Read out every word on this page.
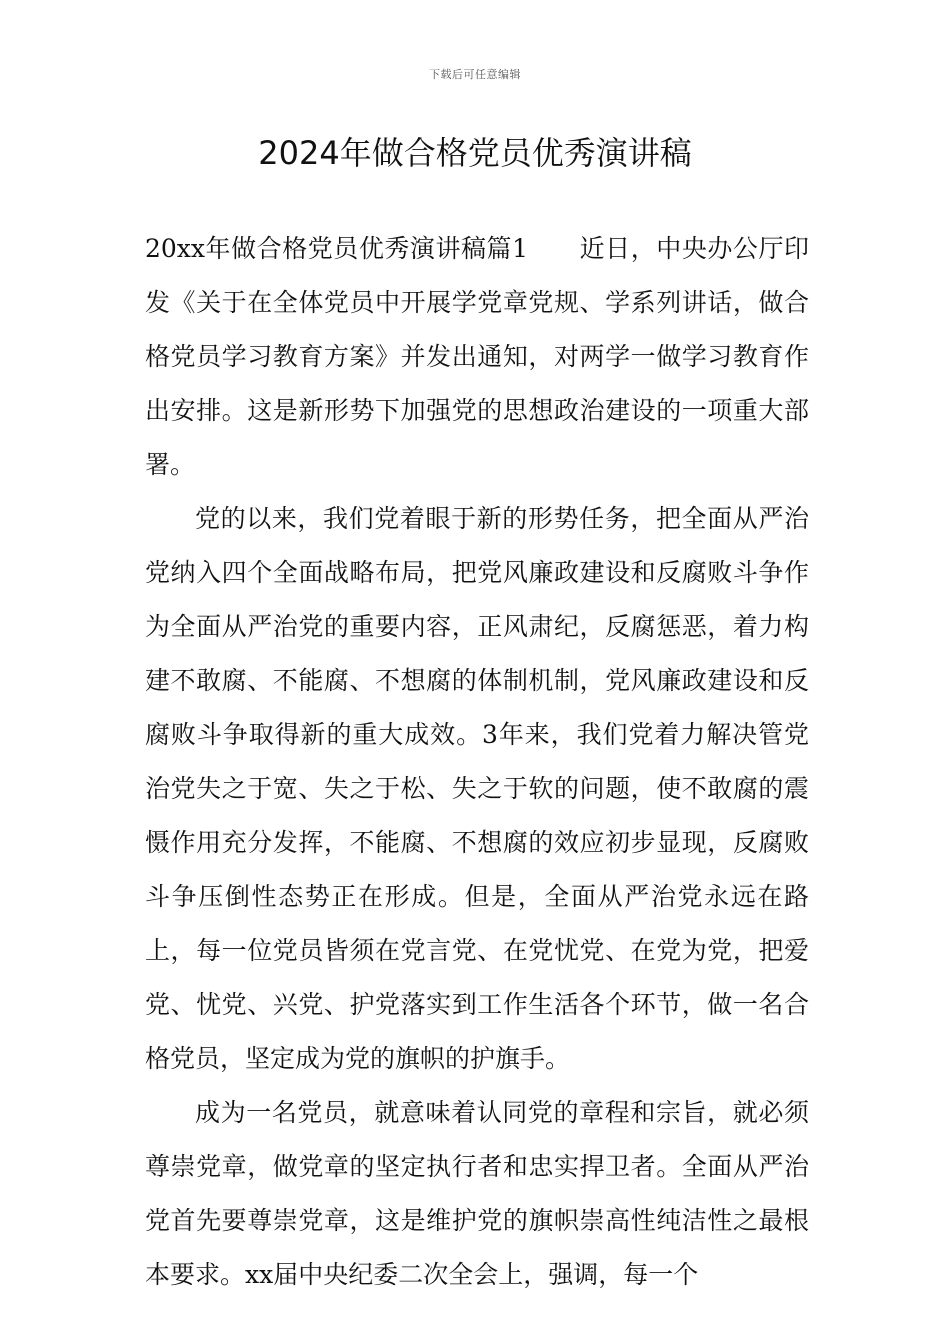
下载后可任意编辑
2024年做合格党员优秀演讲稿

20xx年做合格党员优秀演讲稿篇1　　近日，中央办公厅印发《关于在全体党员中开展学党章党规、学系列讲话，做合格党员学习教育方案》并发出通知，对两学一做学习教育作出安排。这是新形势下加强党的思想政治建设的一项重大部署。

党的以来，我们党着眼于新的形势任务，把全面从严治党纳入四个全面战略布局，把党风廉政建设和反腐败斗争作为全面从严治党的重要内容，正风肃纪，反腐惩恶，着力构建不敢腐、不能腐、不想腐的体制机制，党风廉政建设和反腐败斗争取得新的重大成效。3年来，我们党着力解决管党治党失之于宽、失之于松、失之于软的问题，使不敢腐的震慑作用充分发挥，不能腐、不想腐的效应初步显现，反腐败斗争压倒性态势正在形成。但是，全面从严治党永远在路上，每一位党员皆须在党言党、在党忧党、在党为党，把爱党、忧党、兴党、护党落实到工作生活各个环节，做一名合格党员，坚定成为党的旗帜的护旗手。

成为一名党员，就意味着认同党的章程和宗旨，就必须尊崇党章，做党章的坚定执行者和忠实捍卫者。全面从严治党首先要尊崇党章，这是维护党的旗帜崇高性纯洁性之最根本要求。xx届中央纪委二次全会上，强调，每一个
